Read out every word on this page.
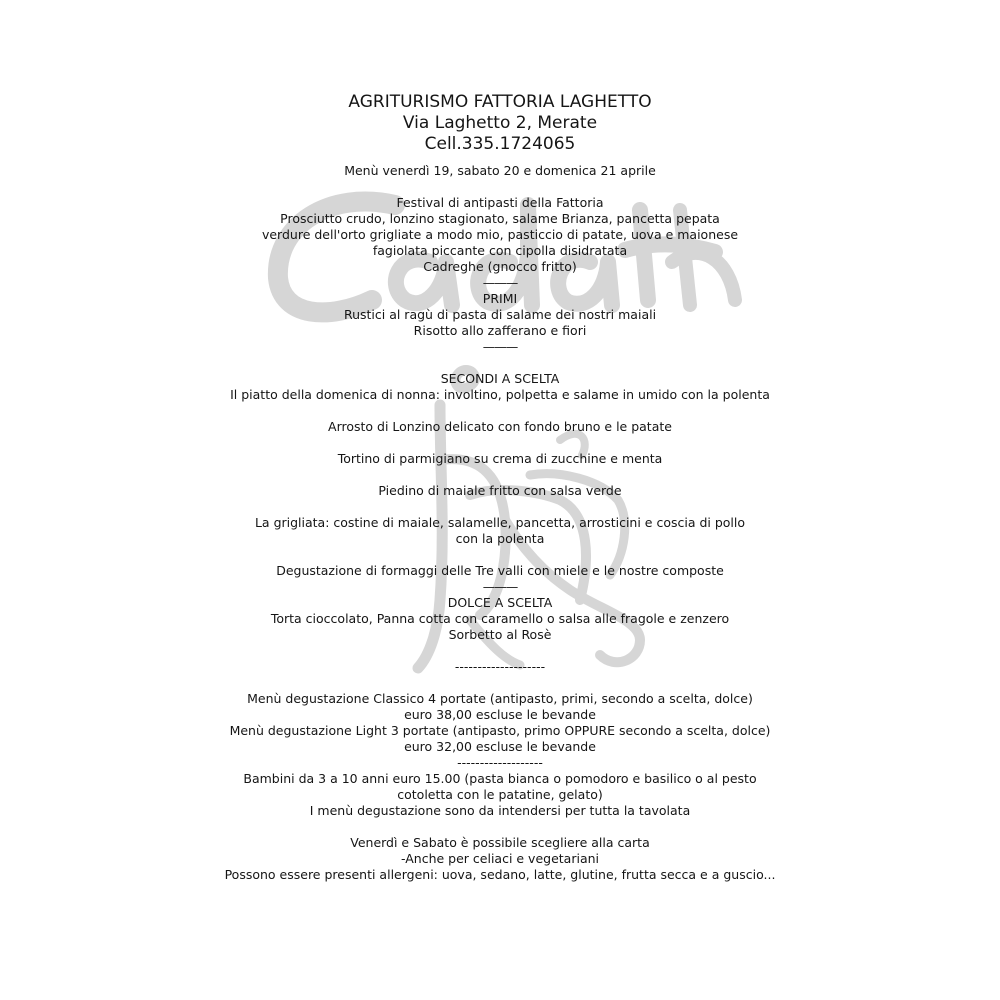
AGRITURISMO FATTORIA LAGHETTO
Via Laghetto 2, Merate
Cell.335.1724065
Menù venerdì 19, sabato 20 e domenica 21 aprile
Festival di antipasti della Fattoria
Prosciutto crudo, lonzino stagionato, salame Brianza, pancetta pepata
verdure dell'orto grigliate a modo mio, pasticcio di patate, uova e maionese
fagiolata piccante con cipolla disidratata
Cadreghe (gnocco fritto)
———
PRIMI
Rustici al ragù di pasta di salame dei nostri maiali
Risotto allo zafferano e fiori
———
SECONDI A SCELTA
Il piatto della domenica di nonna: involtino, polpetta e salame in umido con la polenta
Arrosto di Lonzino delicato con fondo bruno e le patate
Tortino di parmigiano su crema di zucchine e menta
Piedino di maiale fritto con salsa verde
La grigliata: costine di maiale, salamelle, pancetta, arrosticini e coscia di pollo
con la polenta
Degustazione di formaggi delle Tre valli con miele e le nostre composte
———
DOLCE A SCELTA
Torta cioccolato, Panna cotta con caramello o salsa alle fragole e zenzero
Sorbetto al Rosè
--------------------
Menù degustazione Classico 4 portate (antipasto, primi, secondo a scelta, dolce)
euro 38,00 escluse le bevande
Menù degustazione Light 3 portate (antipasto, primo OPPURE secondo a scelta, dolce)
euro 32,00 escluse le bevande
-------------------
Bambini da 3 a 10 anni euro 15.00 (pasta bianca o pomodoro e basilico o al pesto
cotoletta con le patatine, gelato)
I menù degustazione sono da intendersi per tutta la tavolata
Venerdì e Sabato è possibile scegliere alla carta
-Anche per celiaci e vegetariani
Possono essere presenti allergeni: uova, sedano, latte, glutine, frutta secca e a guscio...
